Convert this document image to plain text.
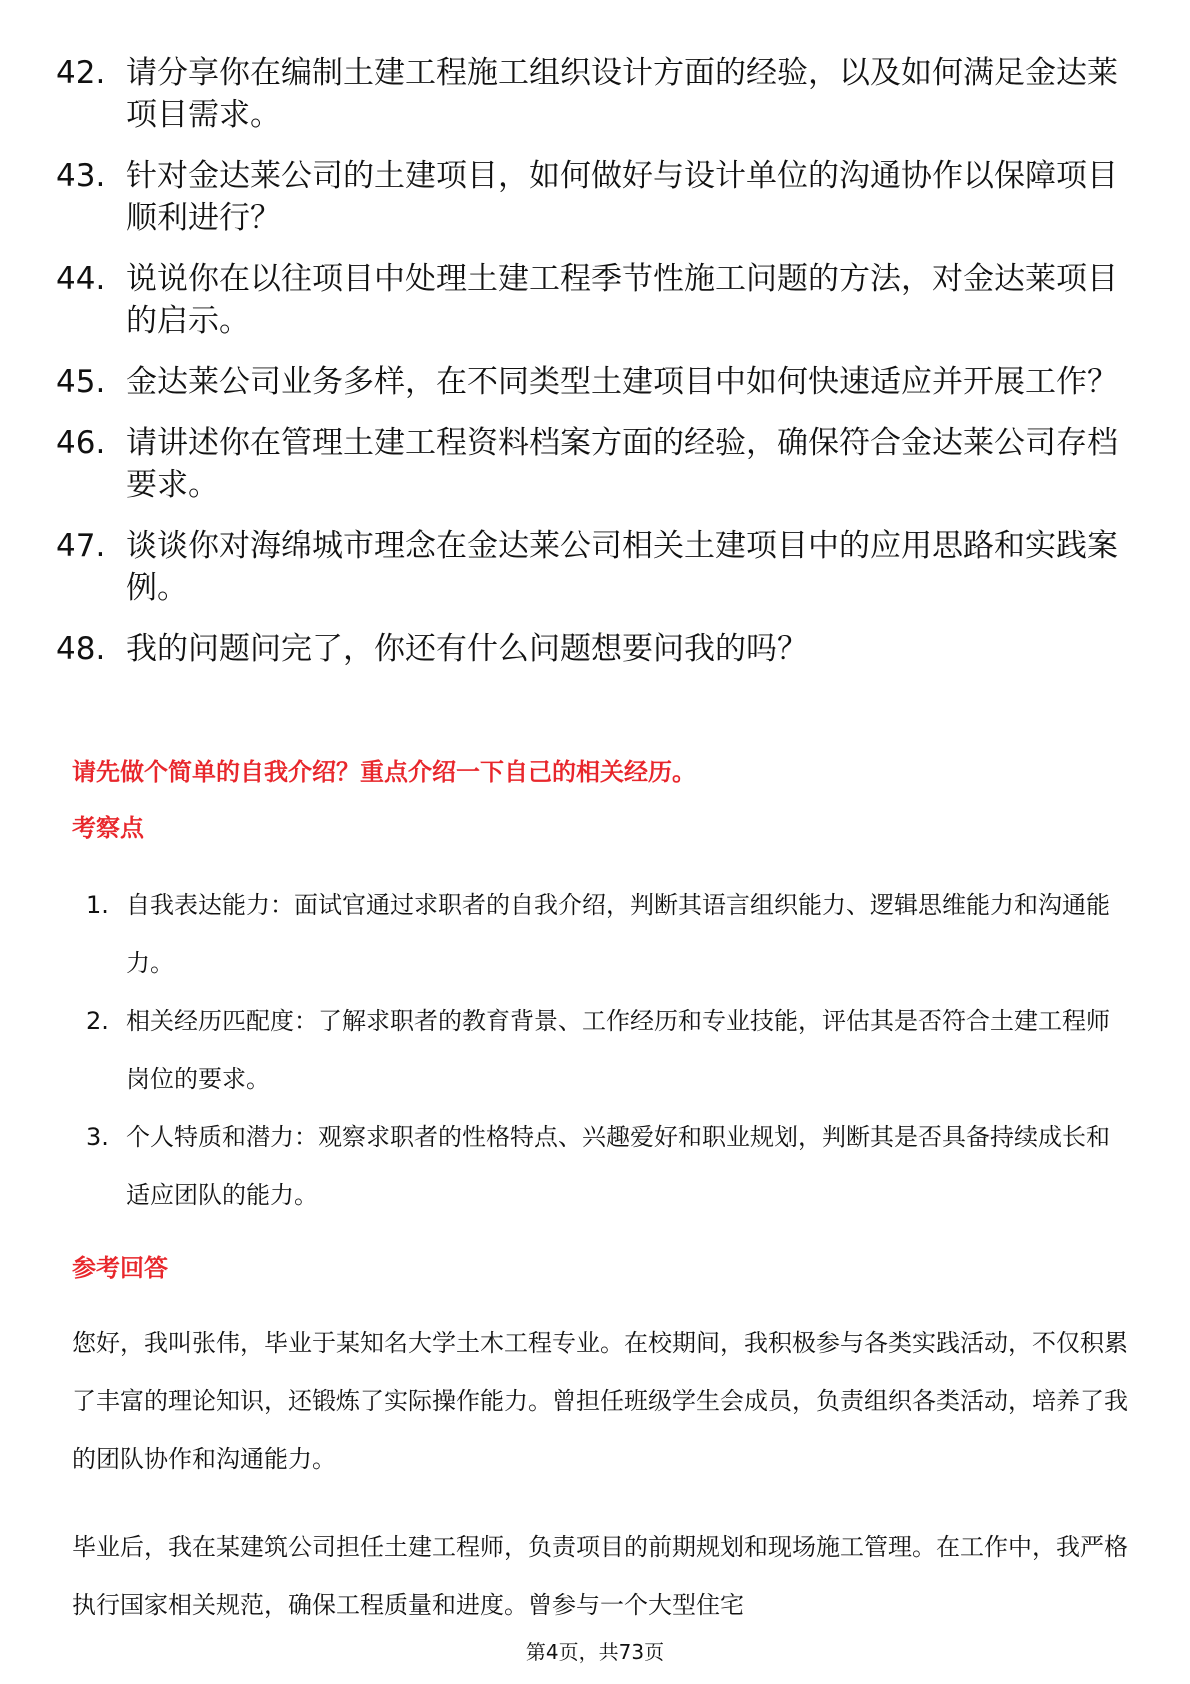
42. 请分享你在编制土建工程施工组织设计方面的经验，以及如何满足金达莱项目需求。
43. 针对金达莱公司的土建项目，如何做好与设计单位的沟通协作以保障项目顺利进行？
44. 说说你在以往项目中处理土建工程季节性施工问题的方法，对金达莱项目的启示。
45. 金达莱公司业务多样，在不同类型土建项目中如何快速适应并开展工作？
46. 请讲述你在管理土建工程资料档案方面的经验，确保符合金达莱公司存档要求。
47. 谈谈你对海绵城市理念在金达莱公司相关土建项目中的应用思路和实践案例。
48. 我的问题问完了，你还有什么问题想要问我的吗？
请先做个简单的自我介绍？重点介绍一下自己的相关经历。
考察点
1. 自我表达能力：面试官通过求职者的自我介绍，判断其语言组织能力、逻辑思维能力和沟通能力。
2. 相关经历匹配度：了解求职者的教育背景、工作经历和专业技能，评估其是否符合土建工程师岗位的要求。
3. 个人特质和潜力：观察求职者的性格特点、兴趣爱好和职业规划，判断其是否具备持续成长和适应团队的能力。
参考回答

您好，我叫张伟，毕业于某知名大学土木工程专业。在校期间，我积极参与各类实践活动，不仅积累了丰富的理论知识，还锻炼了实际操作能力。曾担任班级学生会成员，负责组织各类活动，培养了我的团队协作和沟通能力。

毕业后，我在某建筑公司担任土建工程师，负责项目的前期规划和现场施工管理。在工作中，我严格执行国家相关规范，确保工程质量和进度。曾参与一个大型住宅

第4页，共73页
